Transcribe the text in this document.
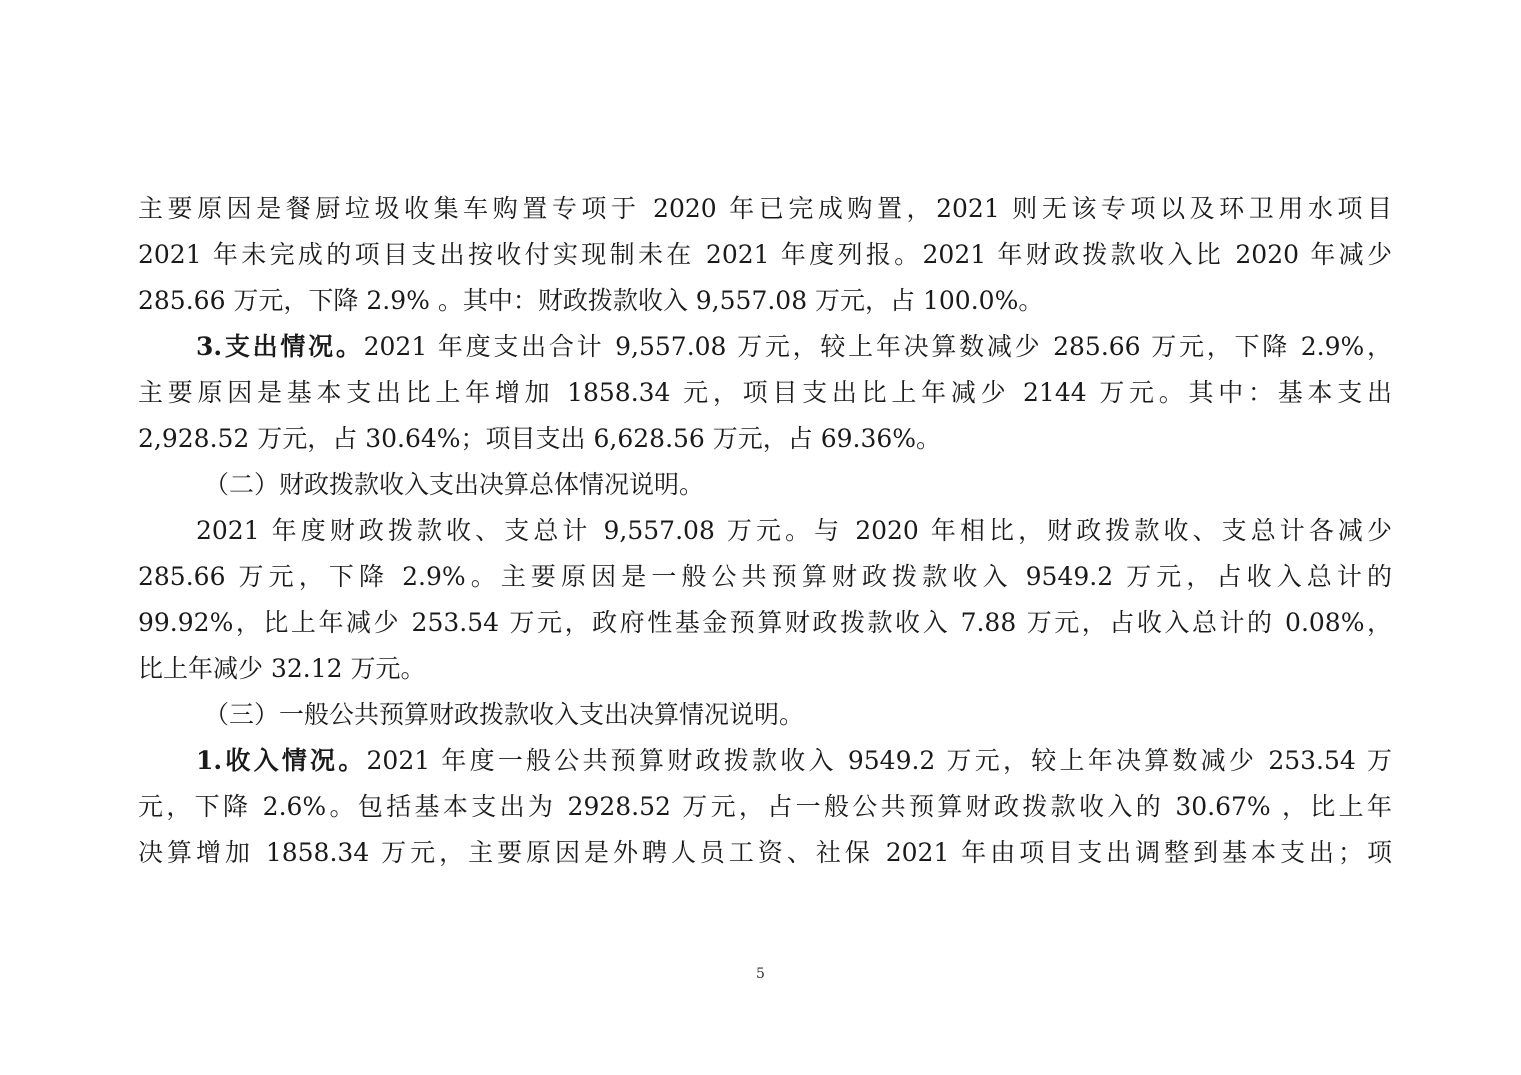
主要原因是餐厨垃圾收集车购置专项于 2020 年已完成购置，2021 则无该专项以及环卫用水项目
2021 年未完成的项目支出按收付实现制未在 2021 年度列报。2021 年财政拨款收入比 2020 年减少
285.66 万元，下降 2.9% 。其中：财政拨款收入 9,557.08 万元，占 100.0%。
3.支出情况。2021 年度支出合计 9,557.08 万元，较上年决算数减少 285.66 万元，下降 2.9%，
主要原因是基本支出比上年增加 1858.34 元，项目支出比上年减少 2144 万元。其中：基本支出
2,928.52 万元，占 30.64%；项目支出 6,628.56 万元，占 69.36%。
（二）财政拨款收入支出决算总体情况说明。
2021 年度财政拨款收、支总计 9,557.08 万元。与 2020 年相比，财政拨款收、支总计各减少
285.66 万元，下降 2.9%。主要原因是一般公共预算财政拨款收入 9549.2 万元，占收入总计的
99.92%，比上年减少 253.54 万元，政府性基金预算财政拨款收入 7.88 万元，占收入总计的 0.08%，
比上年减少 32.12 万元。
（三）一般公共预算财政拨款收入支出决算情况说明。
1.收入情况。2021 年度一般公共预算财政拨款收入 9549.2 万元，较上年决算数减少 253.54 万
元，下降 2.6%。包括基本支出为 2928.52 万元，占一般公共预算财政拨款收入的 30.67% ，比上年
决算增加 1858.34 万元，主要原因是外聘人员工资、社保 2021 年由项目支出调整到基本支出；项
5
